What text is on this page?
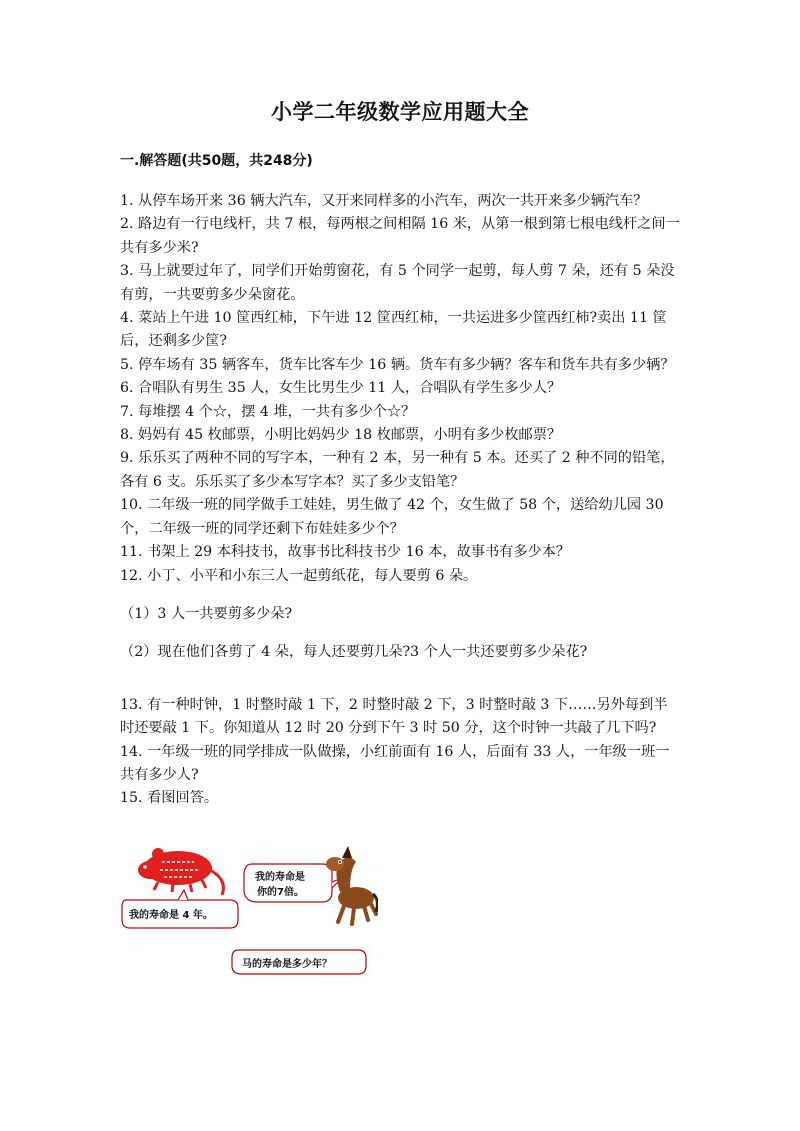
小学二年级数学应用题大全
一.解答题(共50题，共248分)

1. 从停车场开来 36 辆大汽车，又开来同样多的小汽车，两次一共开来多少辆汽车？

2. 路边有一行电线杆，共 7 根，每两根之间相隔 16 米，从第一根到第七根电线杆之间一共有多少米?

3. 马上就要过年了，同学们开始剪窗花，有 5 个同学一起剪，每人剪 7 朵，还有 5 朵没有剪，一共要剪多少朵窗花。

4. 菜站上午进 10 筐西红柿，下午进 12 筐西红柿，一共运进多少筐西红柿?卖出 11 筐后，还剩多少筐?

5. 停车场有 35 辆客车，货车比客车少 16 辆。货车有多少辆？客车和货车共有多少辆？

6. 合唱队有男生 35 人，女生比男生少 11 人，合唱队有学生多少人？

7. 每堆摆 4 个☆，摆 4 堆，一共有多少个☆？

8. 妈妈有 45 枚邮票，小明比妈妈少 18 枚邮票，小明有多少枚邮票？

9. 乐乐买了两种不同的写字本，一种有 2 本，另一种有 5 本。还买了 2 种不同的铅笔，各有 6 支。乐乐买了多少本写字本？买了多少支铅笔？

10. 二年级一班的同学做手工娃娃，男生做了 42 个，女生做了 58 个，送给幼儿园 30 个，二年级一班的同学还剩下布娃娃多少个？

11. 书架上 29 本科技书，故事书比科技书少 16 本，故事书有多少本？

12. 小丁、小平和小东三人一起剪纸花，每人要剪 6 朵。

（1）3 人一共要剪多少朵?

（2）现在他们各剪了 4 朵，每人还要剪几朵?3 个人一共还要剪多少朵花?

13. 有一种时钟，1 时整时敲 1 下，2 时整时敲 2 下，3 时整时敲 3 下……另外每到半时还要敲 1 下。你知道从 12 时 20 分到下午 3 时 50 分，这个时钟一共敲了几下吗?

14. 一年级一班的同学排成一队做操，小红前面有 16 人，后面有 33 人，一年级一班一共有多少人?

15. 看图回答。

我的寿命是 4 年。
我的寿命是
你的7倍。
马的寿命是多少年？
